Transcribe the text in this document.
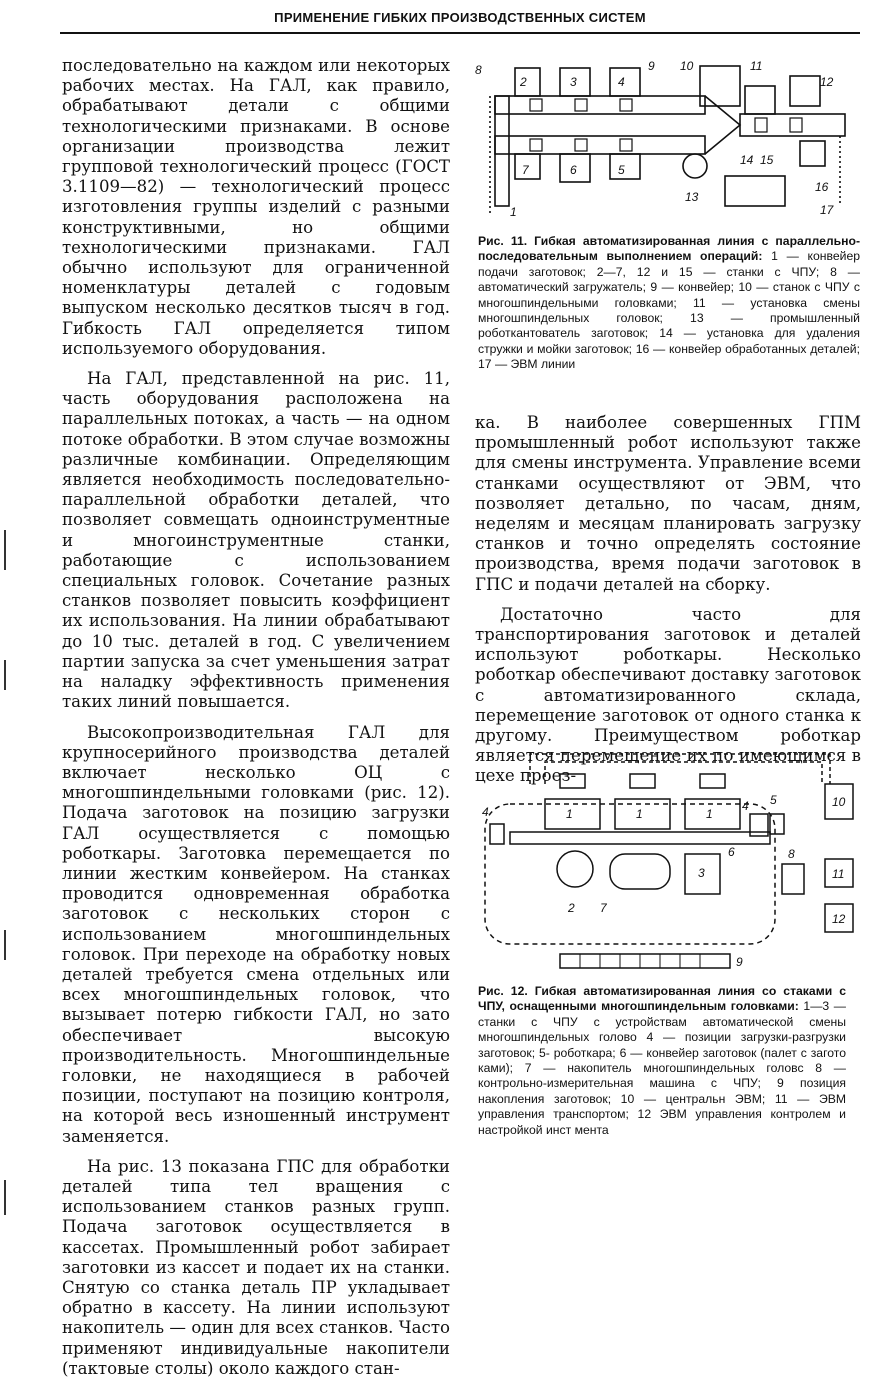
ПРИМЕНЕНИЕ ГИБКИХ ПРОИЗВОДСТВЕННЫХ СИСТЕМ

последовательно на каждом или некоторых рабочих местах. На ГАЛ, как правило, обрабатывают детали с общими технологическими признаками. В основе организации производства лежит групповой технологический процесс (ГОСТ 3.1109—82) — технологический процесс изготовления группы изделий с разными конструктивными, но общими технологическими признаками. ГАЛ обычно используют для ограниченной номенклатуры деталей с годовым выпуском несколько десятков тысяч в год. Гибкость ГАЛ определяется типом используемого оборудования.

На ГАЛ, представленной на рис. 11, часть оборудования расположена на параллельных потоках, а часть — на одном потоке обработки. В этом случае возможны различные комбинации. Определяющим является необходимость последовательно-параллельной обработки деталей, что позволяет совмещать одноинструментные и многоинструментные станки, работающие с использованием специальных головок. Сочетание разных станков позволяет повысить коэффициент их использования. На линии обрабатывают до 10 тыс. деталей в год. С увеличением партии запуска за счет уменьшения затрат на наладку эффективность применения таких линий повышается.

Высокопроизводительная ГАЛ для крупносерийного производства деталей включает несколько ОЦ с многошпиндельными головками (рис. 12). Подача заготовок на позицию загрузки ГАЛ осуществляется с помощью роботкары. Заготовка перемещается по линии жестким конвейером. На станках проводится одновременная обработка заготовок с нескольких сторон с использованием многошпиндельных головок. При переходе на обработку новых деталей требуется смена отдельных или всех многошпиндельных головок, что вызывает потерю гибкости ГАЛ, но зато обеспечивает высокую производительность. Многошпиндельные головки, не находящиеся в рабочей позиции, поступают на позицию контроля, на которой весь изношенный инструмент заменяется.

На рис. 13 показана ГПС для обработки деталей типа тел вращения с использованием станков разных групп. Подача заготовок осуществляется в кассетах. Промышленный робот забирает заготовки из кассет и подает их на станки. Снятую со станка деталь ПР укладывает обратно в кассету. На линии используют накопитель — один для всех станков. Часто применяют индивидуальные накопители (тактовые столы) около каждого стан-

8
2	3	4
9 10	11
12
7	6	5
13
14 15
16
17
1
Рис. 11. Гибкая автоматизированная линия с параллельно-последовательным выполнением операций: 1 — конвейер подачи заготовок; 2—7, 12 и 15 — станки с ЧПУ; 8 — автоматический загружатель; 9 — конвейер; 10 — станок с ЧПУ с многошпиндельными головками; 11 — установка смены многошпиндельных головок; 13 — промышленный роботкантователь заготовок; 14 — установка для удаления стружки и мойки заготовок; 16 — конвейер обработанных деталей; 17 — ЭВМ линии

ка. В наиболее совершенных ГПМ промышленный робот используют также для смены инструмента. Управление всеми станками осуществляют от ЭВМ, что позволяет детально, по часам, дням, неделям и месяцам планировать загрузку станков и точно определять состояние производства, время подачи заготовок в ГПС и подачи деталей на сборку.

Достаточно часто для транспортирования заготовок и деталей используют роботкары. Несколько роботкар обеспечивают доставку заготовок с автоматизированного склада, перемещение заготовок от одного станка к другому. Преимуществом роботкар является перемещение их по имеющимся в цехе проез-

1	1	1
2
3
4	4 5
6
7
8
9
10
11
12
Рис. 12. Гибкая автоматизированная линия со ста⁠ками с ЧПУ, оснащенными многошпиндельным⁠ головками: 1—3 — станки с ЧПУ с устройствам⁠ автоматической смены многошпиндельных голово⁠ 4 — позиции загрузки-разгрузки заготовок; 5- роботкара; 6 — конвейер заготовок (палет с загото⁠ ками); 7 — накопитель многошпиндельных головс 8 — контрольно-измерительная машина с ЧПУ; 9 позиция накопления заготовок; 10 — центральн ЭВМ; 11 — ЭВМ управления транспортом; 12 ЭВМ управления контролем и настройкой инст⁠ мента
